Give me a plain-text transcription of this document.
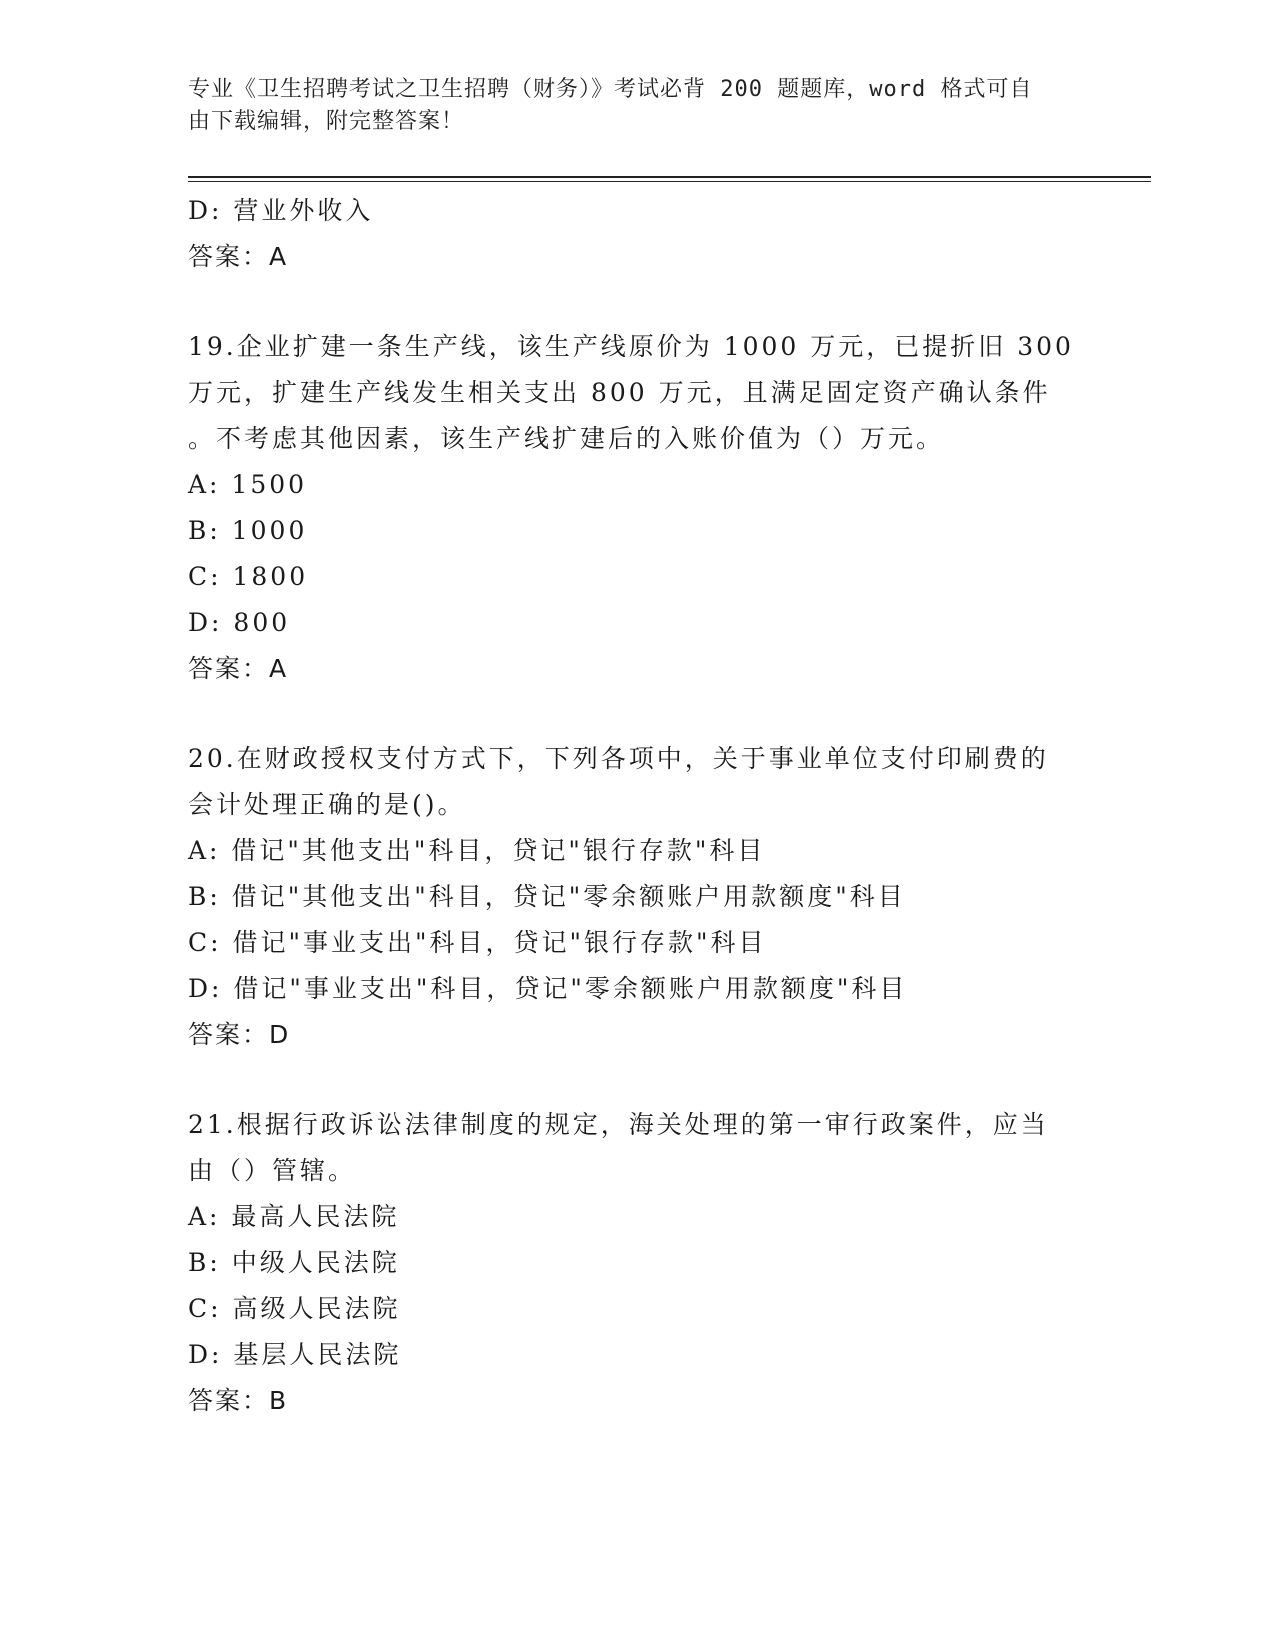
专业《卫生招聘考试之卫生招聘（财务）》考试必背 200 题题库，word 格式可自
由下载编辑，附完整答案！
D: 营业外收入
答案：A
19.企业扩建一条生产线，该生产线原价为 1000 万元，已提折旧 300
万元，扩建生产线发生相关支出 800 万元，且满足固定资产确认条件
。不考虑其他因素，该生产线扩建后的入账价值为（）万元。
A: 1500
B: 1000
C: 1800
D: 800
答案：A
20.在财政授权支付方式下，下列各项中，关于事业单位支付印刷费的
会计处理正确的是()。
A: 借记"其他支出"科目，贷记"银行存款"科目
B: 借记"其他支出"科目，贷记"零余额账户用款额度"科目
C: 借记"事业支出"科目，贷记"银行存款"科目
D: 借记"事业支出"科目，贷记"零余额账户用款额度"科目
答案：D
21.根据行政诉讼法律制度的规定，海关处理的第一审行政案件，应当
由（）管辖。
A: 最高人民法院
B: 中级人民法院
C: 高级人民法院
D: 基层人民法院
答案：B
